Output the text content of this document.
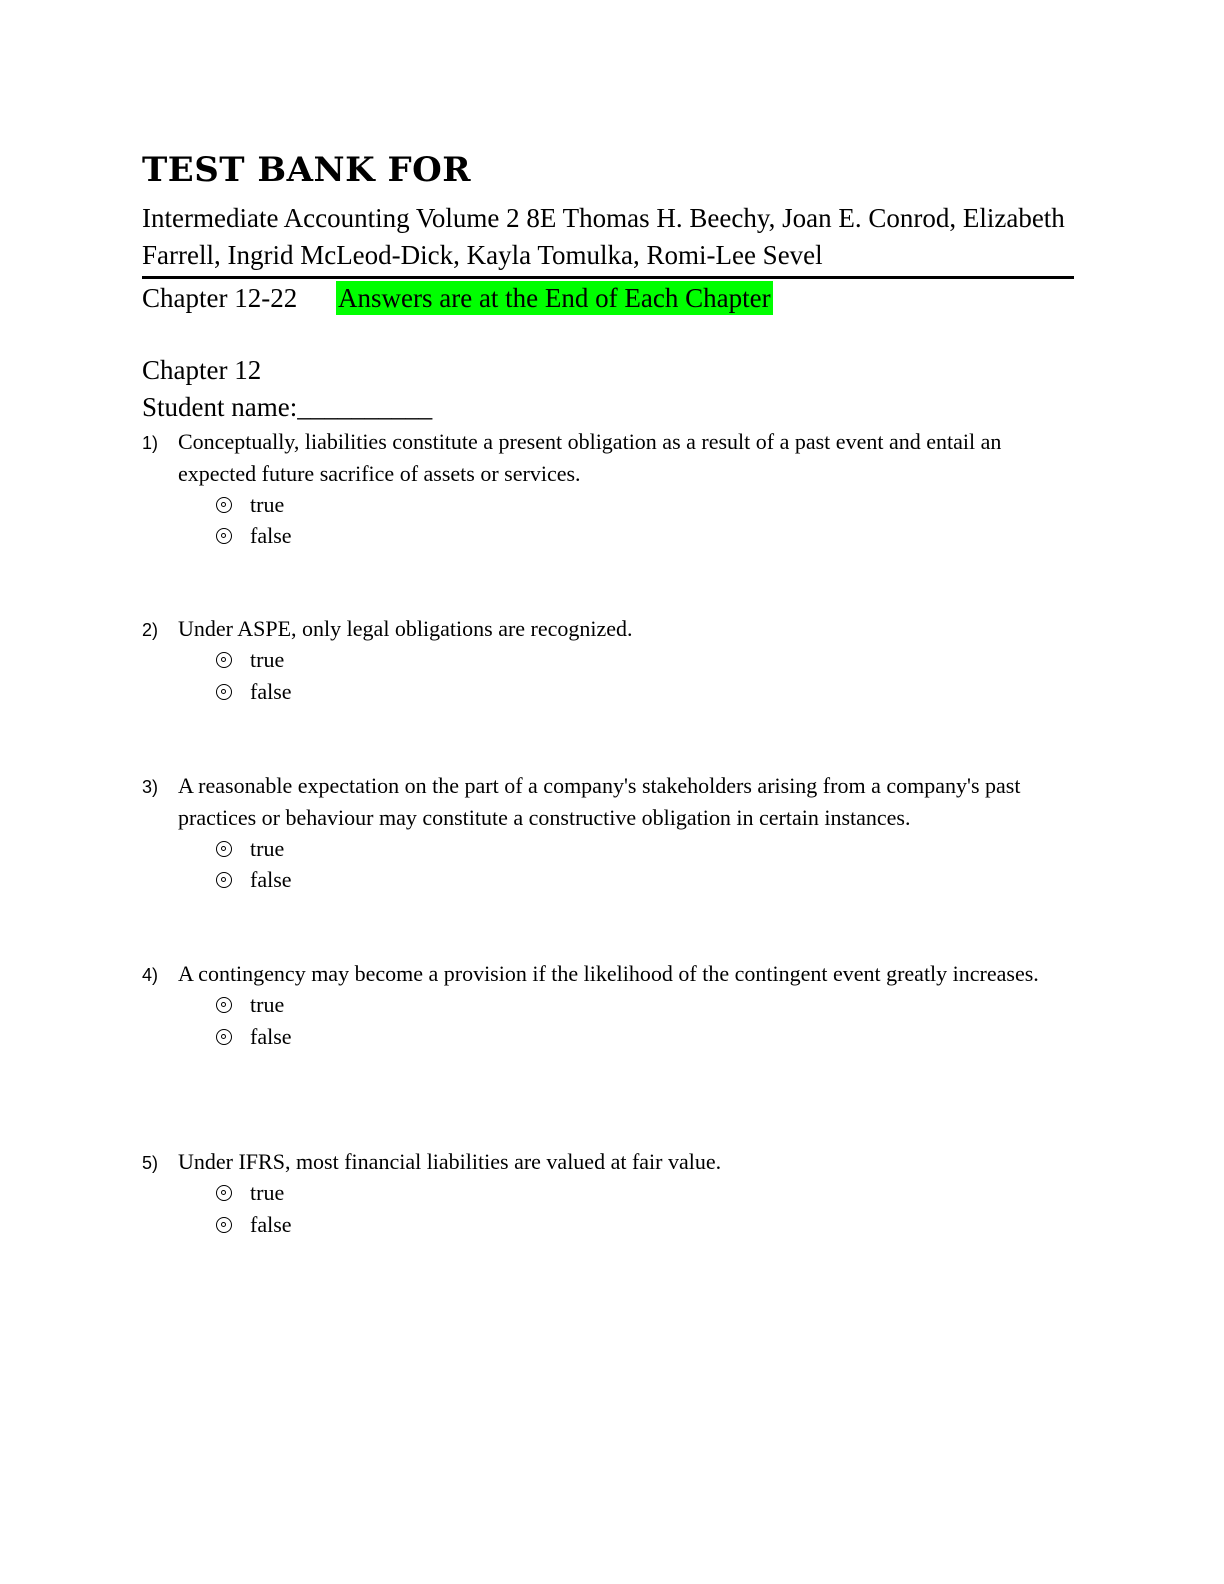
TEST BANK FOR
Intermediate Accounting Volume 2 8E Thomas H. Beechy, Joan E. Conrod, Elizabeth Farrell, Ingrid McLeod-Dick, Kayla Tomulka, Romi-Lee Sevel
Chapter 12-22 Answers are at the End of Each Chapter
Chapter 12
Student name:__________
1) Conceptually, liabilities constitute a present obligation as a result of a past event and entail an expected future sacrifice of assets or services.
true
false
2) Under ASPE, only legal obligations are recognized.
true
false
3) A reasonable expectation on the part of a company's stakeholders arising from a company's past practices or behaviour may constitute a constructive obligation in certain instances.
true
false
4) A contingency may become a provision if the likelihood of the contingent event greatly increases.
true
false
5) Under IFRS, most financial liabilities are valued at fair value.
true
false
